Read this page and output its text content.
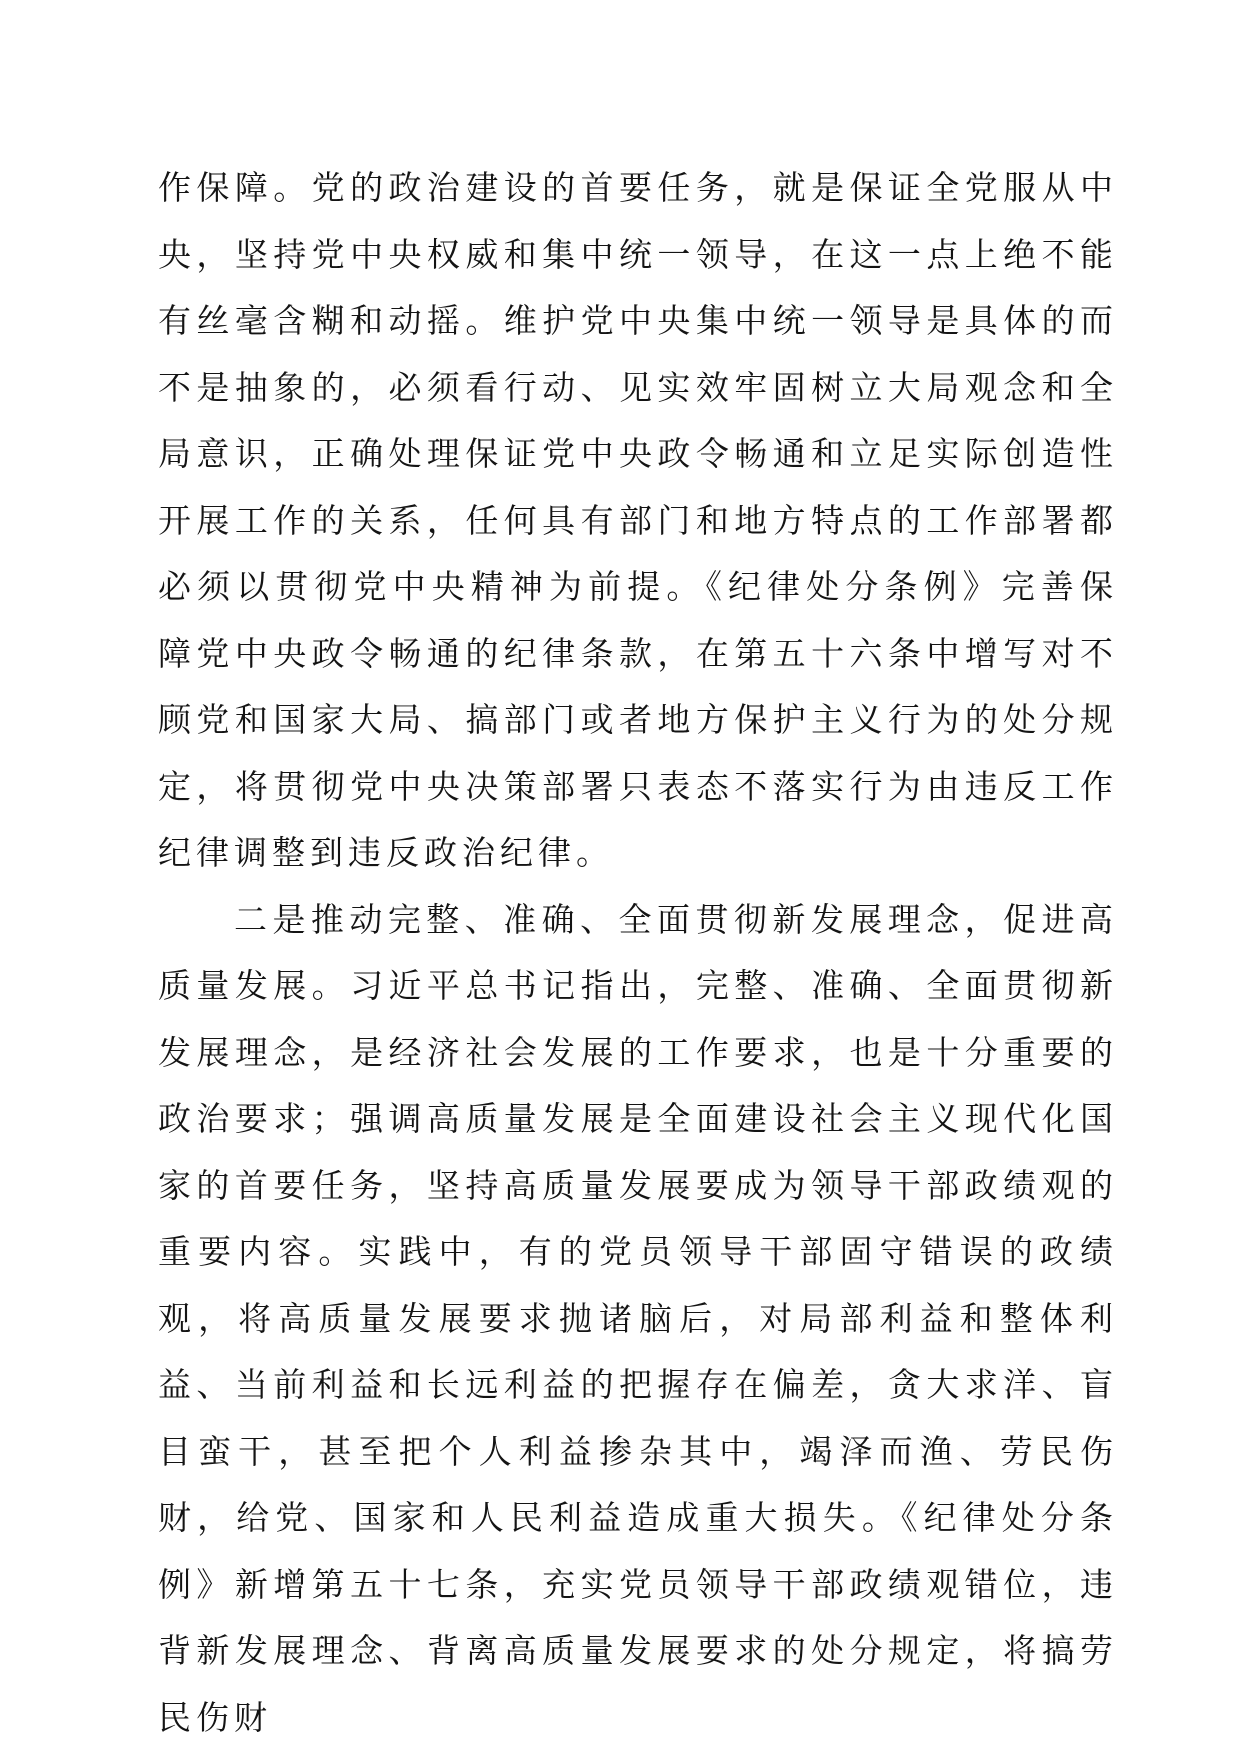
作保障。党的政治建设的首要任务，就是保证全党服从中央，坚持党中央权威和集中统一领导，在这一点上绝不能有丝毫含糊和动摇。维护党中央集中统一领导是具体的而不是抽象的，必须看行动、见实效牢固树立大局观念和全局意识，正确处理保证党中央政令畅通和立足实际创造性开展工作的关系，任何具有部门和地方特点的工作部署都必须以贯彻党中央精神为前提。《纪律处分条例》完善保障党中央政令畅通的纪律条款，在第五十六条中增写对不顾党和国家大局、搞部门或者地方保护主义行为的处分规定，将贯彻党中央决策部署只表态不落实行为由违反工作纪律调整到违反政治纪律。

二是推动完整、准确、全面贯彻新发展理念，促进高质量发展。习近平总书记指出，完整、准确、全面贯彻新发展理念，是经济社会发展的工作要求，也是十分重要的政治要求；强调高质量发展是全面建设社会主义现代化国家的首要任务，坚持高质量发展要成为领导干部政绩观的重要内容。实践中，有的党员领导干部固守错误的政绩观，将高质量发展要求抛诸脑后，对局部利益和整体利益、当前利益和长远利益的把握存在偏差，贪大求洋、盲目蛮干，甚至把个人利益掺杂其中，竭泽而渔、劳民伤财，给党、国家和人民利益造成重大损失。《纪律处分条例》新增第五十七条，充实党员领导干部政绩观错位，违背新发展理念、背离高质量发展要求的处分规定，将搞劳民伤财
